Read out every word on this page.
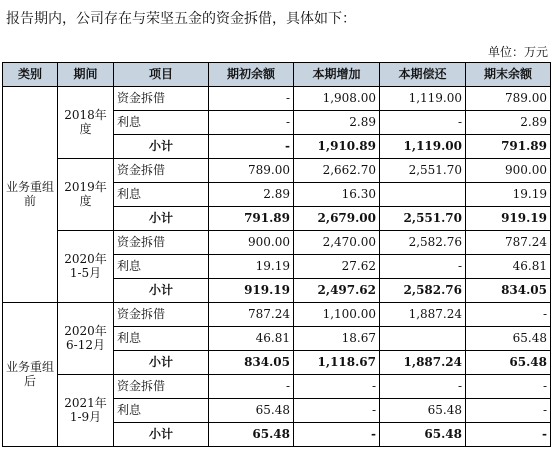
报告期内，公司存在与荣坚五金的资金拆借，具体如下：
单位：万元
类别	期间	项目	期初余额	本期增加	本期偿还	期末余额
业务重组前	2018年度	资金拆借	-	1,908.00	1,119.00	789.00
		利息	-	2.89	-	2.89
		小计	-	1,910.89	1,119.00	791.89
	2019年度	资金拆借	789.00	2,662.70	2,551.70	900.00
		利息	2.89	16.30		19.19
		小计	791.89	2,679.00	2,551.70	919.19
	2020年1-5月	资金拆借	900.00	2,470.00	2,582.76	787.24
		利息	19.19	27.62	-	46.81
		小计	919.19	2,497.62	2,582.76	834.05
业务重组后	2020年6-12月	资金拆借	787.24	1,100.00	1,887.24	-
		利息	46.81	18.67		65.48
		小计	834.05	1,118.67	1,887.24	65.48
	2021年1-9月	资金拆借	-	-	-	-
		利息	65.48	-	65.48	-
		小计	65.48	-	65.48	-
